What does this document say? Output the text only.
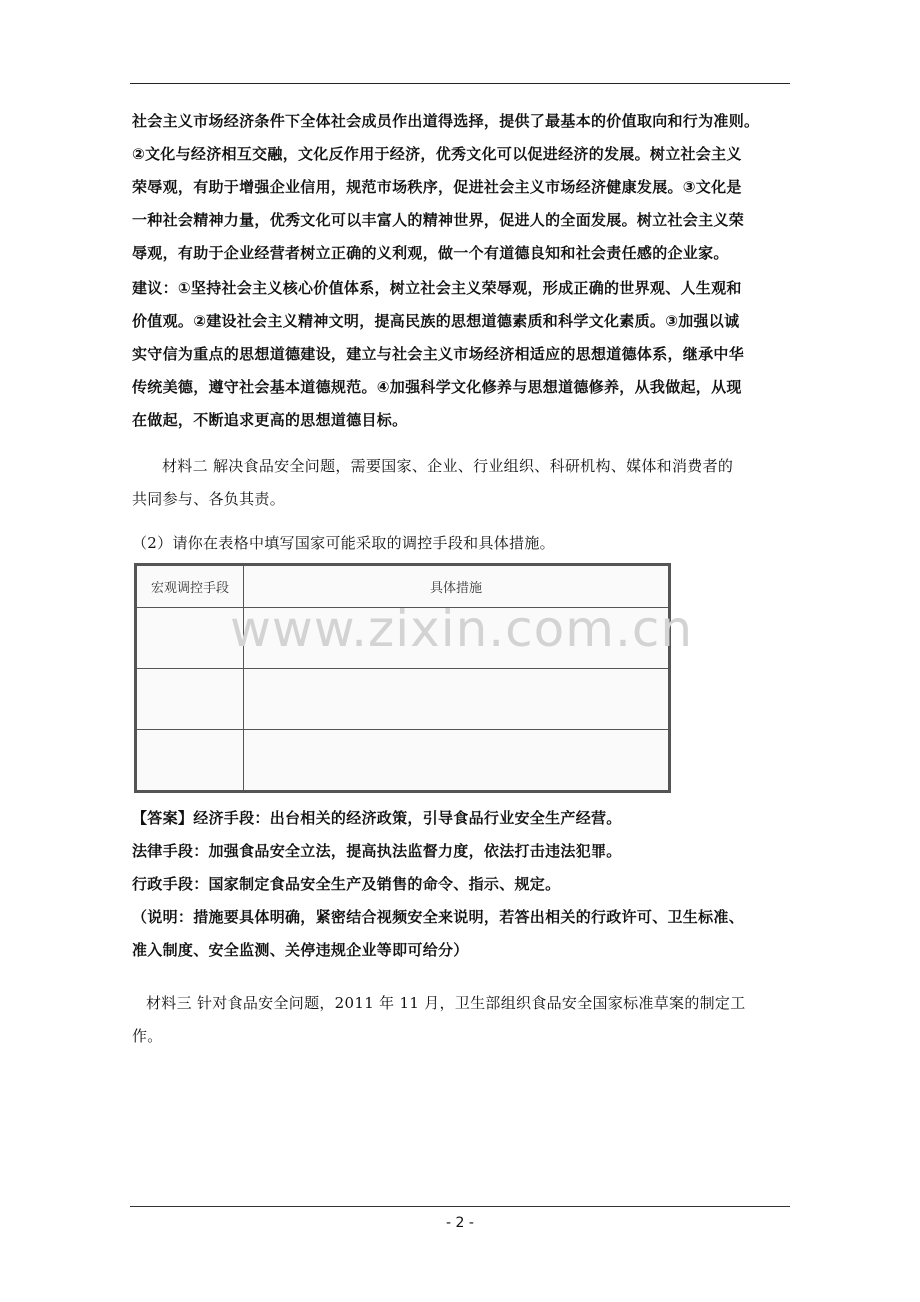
社会主义市场经济条件下全体社会成员作出道得选择，提供了最基本的价值取向和行为准则。
②文化与经济相互交融，文化反作用于经济，优秀文化可以促进经济的发展。树立社会主义
荣辱观，有助于增强企业信用，规范市场秩序，促进社会主义市场经济健康发展。③文化是
一种社会精神力量，优秀文化可以丰富人的精神世界，促进人的全面发展。树立社会主义荣
辱观，有助于企业经营者树立正确的义利观，做一个有道德良知和社会责任感的企业家。
建议：①坚持社会主义核心价值体系，树立社会主义荣辱观，形成正确的世界观、人生观和
价值观。②建设社会主义精神文明，提高民族的思想道德素质和科学文化素质。③加强以诚
实守信为重点的思想道德建设，建立与社会主义市场经济相适应的思想道德体系，继承中华
传统美德，遵守社会基本道德规范。④加强科学文化修养与思想道德修养，从我做起，从现
在做起，不断追求更高的思想道德目标。
材料二 解决食品安全问题，需要国家、企业、行业组织、科研机构、媒体和消费者的
共同参与、各负其责。
（2）请你在表格中填写国家可能采取的调控手段和具体措施。
宏观调控手段	具体措施

www.zixin.com.cn
【答案】经济手段：出台相关的经济政策，引导食品行业安全生产经营。
法律手段：加强食品安全立法，提高执法监督力度，依法打击违法犯罪。
行政手段：国家制定食品安全生产及销售的命令、指示、规定。
（说明：措施要具体明确，紧密结合视频安全来说明，若答出相关的行政许可、卫生标准、
准入制度、安全监测、关停违规企业等即可给分）
材料三 针对食品安全问题，2011 年 11 月，卫生部组织食品安全国家标准草案的制定工
作。
- 2 -
